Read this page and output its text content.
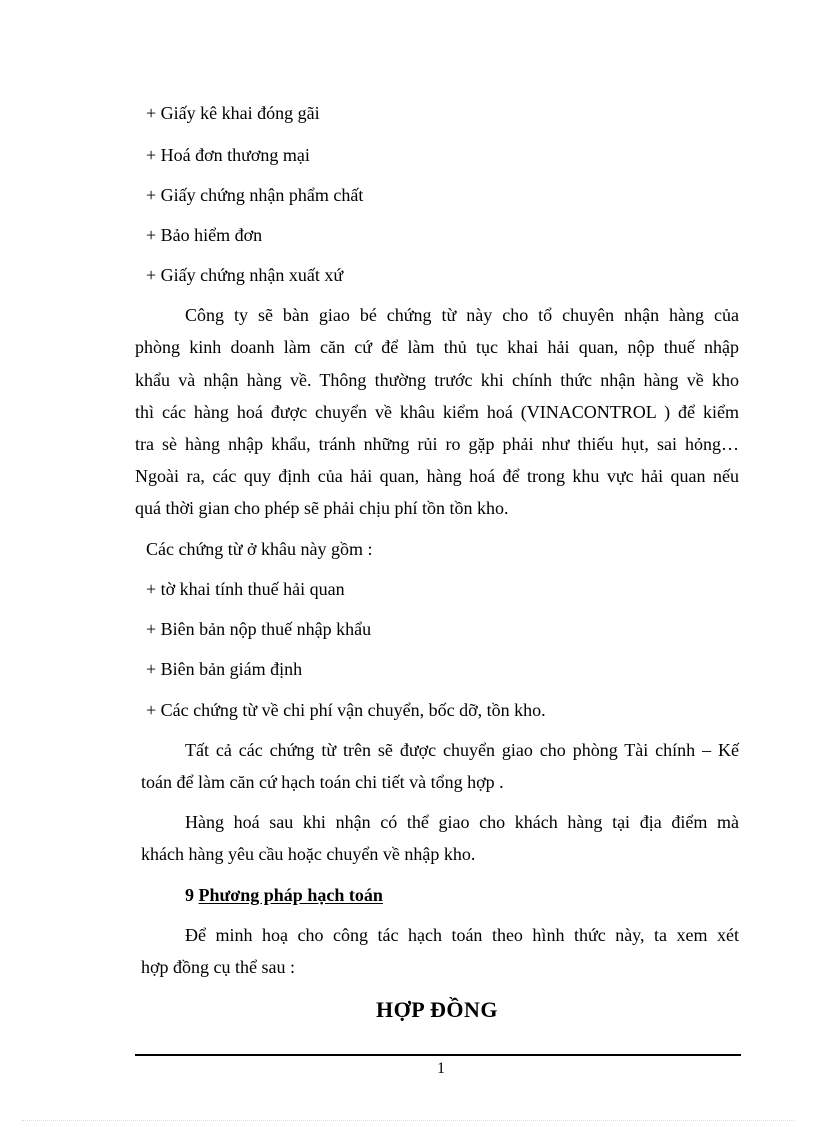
+ Giấy kê khai đóng gãi
+ Hoá đơn thương mại
+ Giấy chứng nhận phẩm chất
+ Bảo hiểm đơn
+ Giấy chứng nhận xuất xứ
Công ty sẽ bàn giao bé chứng từ này cho tổ chuyên nhận hàng của
phòng kinh doanh làm căn cứ để làm thủ tục khai hải quan, nộp thuế nhập
khẩu và nhận hàng về. Thông thường trước khi chính thức nhận hàng về kho
thì các hàng hoá được chuyển về khâu kiểm hoá (VINACONTROL ) để kiểm
tra sè hàng nhập khẩu, tránh những rủi ro gặp phải như thiếu hụt, sai hỏng…
Ngoài ra, các quy định của hải quan, hàng hoá để trong khu vực hải quan nếu
quá thời gian cho phép sẽ phải chịu phí tồn tồn kho.
Các chứng từ ở khâu này gồm :
+ tờ khai tính thuế hải quan
+ Biên bản nộp thuế nhập khẩu
+ Biên bản giám định
+ Các chứng từ về chi phí vận chuyển, bốc dỡ, tồn kho.
Tất cả các chứng từ trên sẽ được chuyển giao cho phòng Tài chính – Kế
toán để làm căn cứ hạch toán chi tiết và tổng hợp .
Hàng hoá sau khi nhận có thể giao cho khách hàng tại địa điểm mà
khách hàng yêu cầu hoặc chuyển về nhập kho.
9 Phương pháp hạch toán
Để minh hoạ cho công tác hạch toán theo hình thức này, ta xem xét
hợp đồng cụ thể sau :
HỢP ĐỒNG
1
